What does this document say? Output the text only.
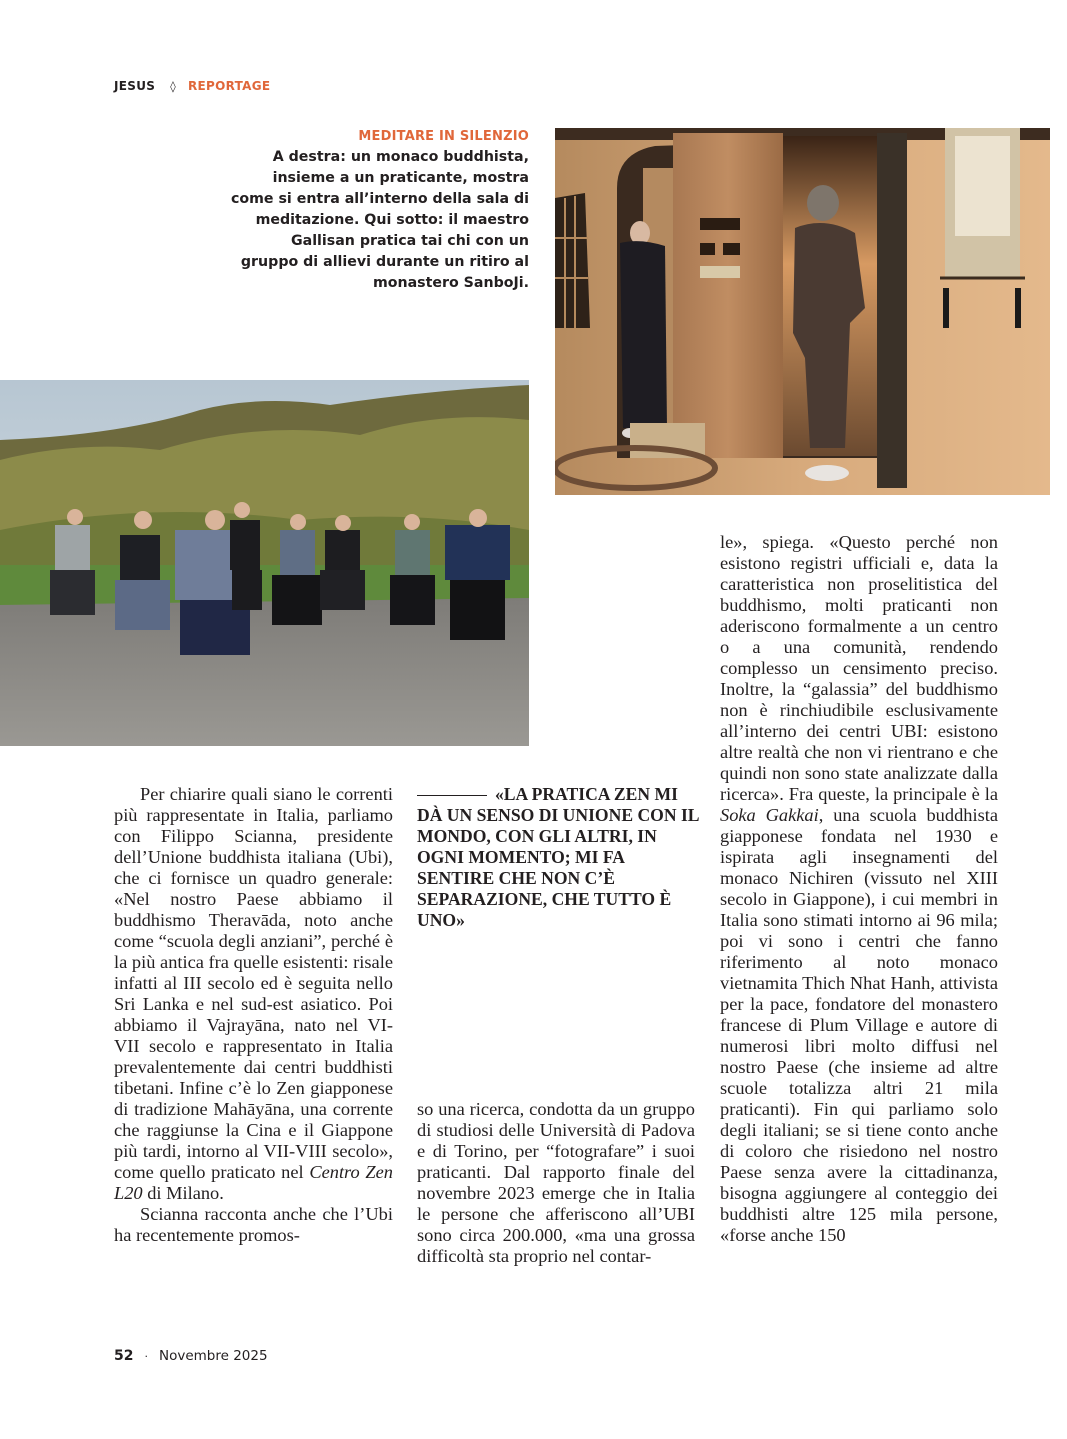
JESUS ◊ REPORTAGE
MEDITARE IN SILENZIO
A destra: un monaco buddhista, insieme a un praticante, mostra come si entra all’interno della sala di meditazione. Qui sotto: il maestro Gallisan pratica tai chi con un gruppo di allievi durante un ritiro al monastero SanboJi.

Per chiarire quali siano le correnti più rappresentate in Italia, parliamo con Filippo Scianna, presidente dell’Unione buddhista italiana (Ubi), che ci fornisce un quadro generale: «Nel nostro Paese abbiamo il buddhismo Theravāda, noto anche come “scuola degli anziani”, perché è la più antica fra quelle esistenti: risale infatti al III secolo ed è seguita nello Sri Lanka e nel sud-est asiatico. Poi abbiamo il Vajrayāna, nato nel VI-VII secolo e rappresentato in Italia prevalentemente dai centri buddhisti tibetani. Infine c’è lo Zen giapponese di tradizione Mahāyāna, una corrente che raggiunse la Cina e il Giappone più tardi, intorno al VII-VIII secolo», come quello praticato nel Centro Zen L20 di Milano.

Scianna racconta anche che l’Ubi ha recentemente promos-

«LA PRATICA ZEN MI DÀ UN SENSO DI UNIONE CON IL MONDO, CON GLI ALTRI, IN OGNI MOMENTO; MI FA SENTIRE CHE NON C’È SEPARAZIONE, CHE TUTTO È UNO»

so una ricerca, condotta da un gruppo di studiosi delle Università di Padova e di Torino, per “fotografare” i suoi praticanti. Dal rapporto finale del novembre 2023 emerge che in Italia le persone che afferiscono all’UBI sono circa 200.000, «ma una grossa difficoltà sta proprio nel contar-

le», spiega. «Questo perché non esistono registri ufficiali e, data la caratteristica non proselitistica del buddhismo, molti praticanti non aderiscono formalmente a un centro o a una comunità, rendendo complesso un censimento preciso. Inoltre, la “galassia” del buddhismo non è rinchiudibile esclusivamente all’interno dei centri UBI: esistono altre realtà che non vi rientrano e che quindi non sono state analizzate dalla ricerca». Fra queste, la principale è la Soka Gakkai, una scuola buddhista giapponese fondata nel 1930 e ispirata agli insegnamenti del monaco Nichiren (vissuto nel XIII secolo in Giappone), i cui membri in Italia sono stimati intorno ai 96 mila; poi vi sono i centri che fanno riferimento al noto monaco vietnamita Thich Nhat Hanh, attivista per la pace, fondatore del monastero francese di Plum Village e autore di numerosi libri molto diffusi nel nostro Paese (che insieme ad altre scuole totalizza altri 21 mila praticanti). Fin qui parliamo solo degli italiani; se si tiene conto anche di coloro che risiedono nel nostro Paese senza avere la cittadinanza, bisogna aggiungere al conteggio dei buddhisti altre 125 mila persone, «forse anche 150

52 · Novembre 2025
